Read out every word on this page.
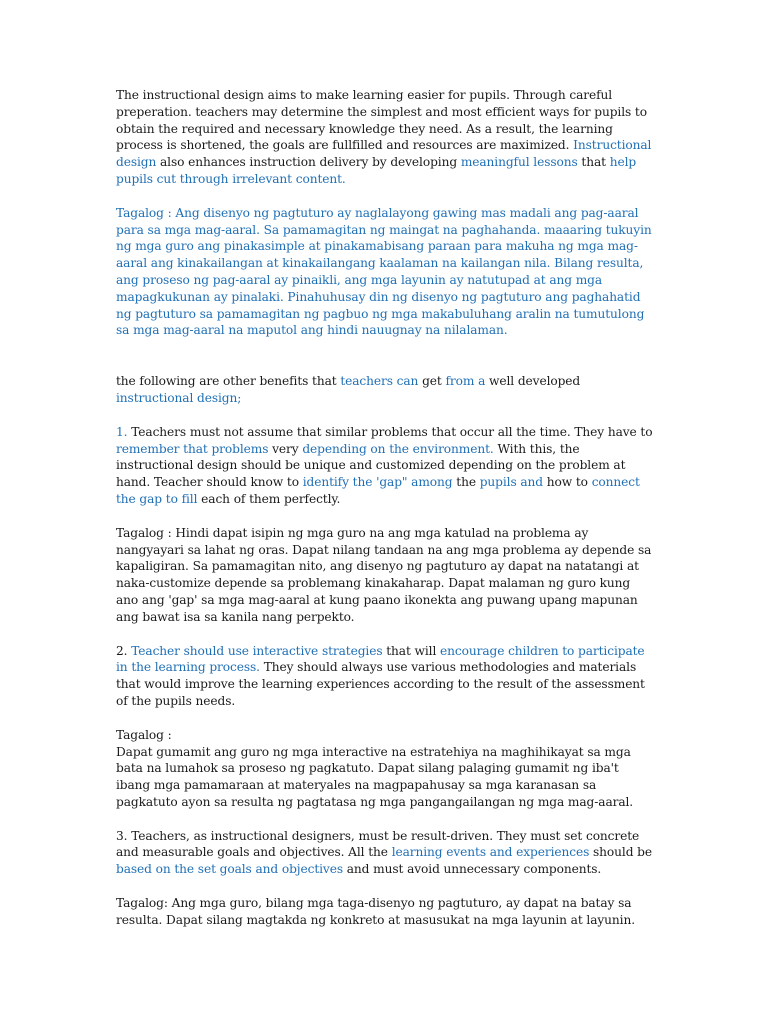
The instructional design aims to make learning easier for pupils. Through careful preperation. teachers may determine the simplest and most efficient ways for pupils to obtain the required and necessary knowledge they need. As a result, the learning process is shortened, the goals are fullfilled and resources are maximized. Instructional design also enhances instruction delivery by developing meaningful lessons that help pupils cut through irrelevant content.

Tagalog : Ang disenyo ng pagtuturo ay naglalayong gawing mas madali ang pag-aaral para sa mga mag-aaral. Sa pamamagitan ng maingat na paghahanda. maaaring tukuyin ng mga guro ang pinakasimple at pinakamabisang paraan para makuha ng mga mag-aaral ang kinakailangan at kinakailangang kaalaman na kailangan nila. Bilang resulta, ang proseso ng pag-aaral ay pinaikli, ang mga layunin ay natutupad at ang mga mapagkukunan ay pinalaki. Pinahuhusay din ng disenyo ng pagtuturo ang paghahatid ng pagtuturo sa pamamagitan ng pagbuo ng mga makabuluhang aralin na tumutulong sa mga mag-aaral na maputol ang hindi nauugnay na nilalaman.

the following are other benefits that teachers can get from a well developed instructional design;

1. Teachers must not assume that similar problems that occur all the time. They have to remember that problems very depending on the environment. With this, the instructional design should be unique and customized depending on the problem at hand. Teacher should know to identify the 'gap" among the pupils and how to connect the gap to fill each of them perfectly.

Tagalog : Hindi dapat isipin ng mga guro na ang mga katulad na problema ay nangyayari sa lahat ng oras. Dapat nilang tandaan na ang mga problema ay depende sa kapaligiran. Sa pamamagitan nito, ang disenyo ng pagtuturo ay dapat na natatangi at naka-customize depende sa problemang kinakaharap. Dapat malaman ng guro kung ano ang 'gap' sa mga mag-aaral at kung paano ikonekta ang puwang upang mapunan ang bawat isa sa kanila nang perpekto.

2. Teacher should use interactive strategies that will encourage children to participate in the learning process. They should always use various methodologies and materials that would improve the learning experiences according to the result of the assessment of the pupils needs.

Tagalog :

Dapat gumamit ang guro ng mga interactive na estratehiya na maghihikayat sa mga bata na lumahok sa proseso ng pagkatuto. Dapat silang palaging gumamit ng iba't ibang mga pamamaraan at materyales na magpapahusay sa mga karanasan sa pagkatuto ayon sa resulta ng pagtatasa ng mga pangangailangan ng mga mag-aaral.

3. Teachers, as instructional designers, must be result-driven. They must set concrete and measurable goals and objectives. All the learning events and experiences should be based on the set goals and objectives and must avoid unnecessary components.

Tagalog: Ang mga guro, bilang mga taga-disenyo ng pagtuturo, ay dapat na batay sa resulta. Dapat silang magtakda ng konkreto at masusukat na mga layunin at layunin.
